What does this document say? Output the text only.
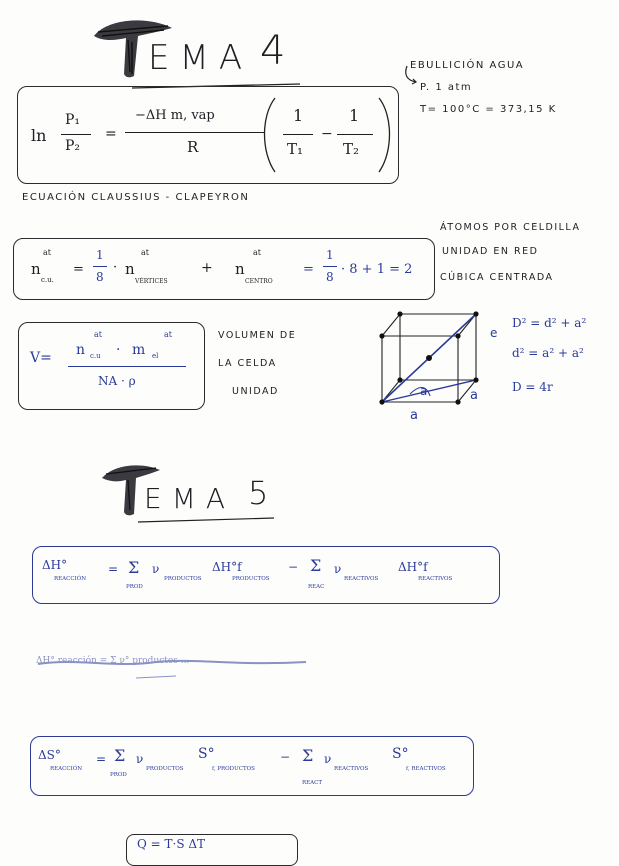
EMA 4	EBULLICIÓN AGUA
P. 1 atm
T= 100°C = 373,15 K
ln
P₁
P₂
=
−ΔH m, vap
R
1
T₁
−
1
T₂
ECUACIÓN CLAUSSIUS - CLAPEYRON
n
at
c.u.
=
1
8
· n
at
VÉRTICES
+ n
at
CENTRO
=
1
8 · 8 + 1 = 2
ÁTOMOS POR CELDILLA
UNIDAD EN RED
CÚBICA CENTRADA
V= n
at
c.u · m
at
el
NA · ρ
VOLUMEN DE
LA CELDA
UNIDAD
e
a	a
a
D² = d² + a²
d² = a² + a²
D = 4r
EMA 5
ΔH°
REACCIÓN
= Σ
PROD
ν
PRODUCTOS
ΔH°f
PRODUCTOS
− Σ
REAC
ν
REACTIVOS
ΔH°f
REACTIVOS
ΔH° reacción = Σ ν° productos ...
ΔS°
REACCIÓN
= Σ
PROD
ν
PRODUCTOS
S°
f, PRODUCTOS
− Σ
REACT
ν
REACTIVOS
S°
f, REACTIVOS
Q = T·S ΔT
